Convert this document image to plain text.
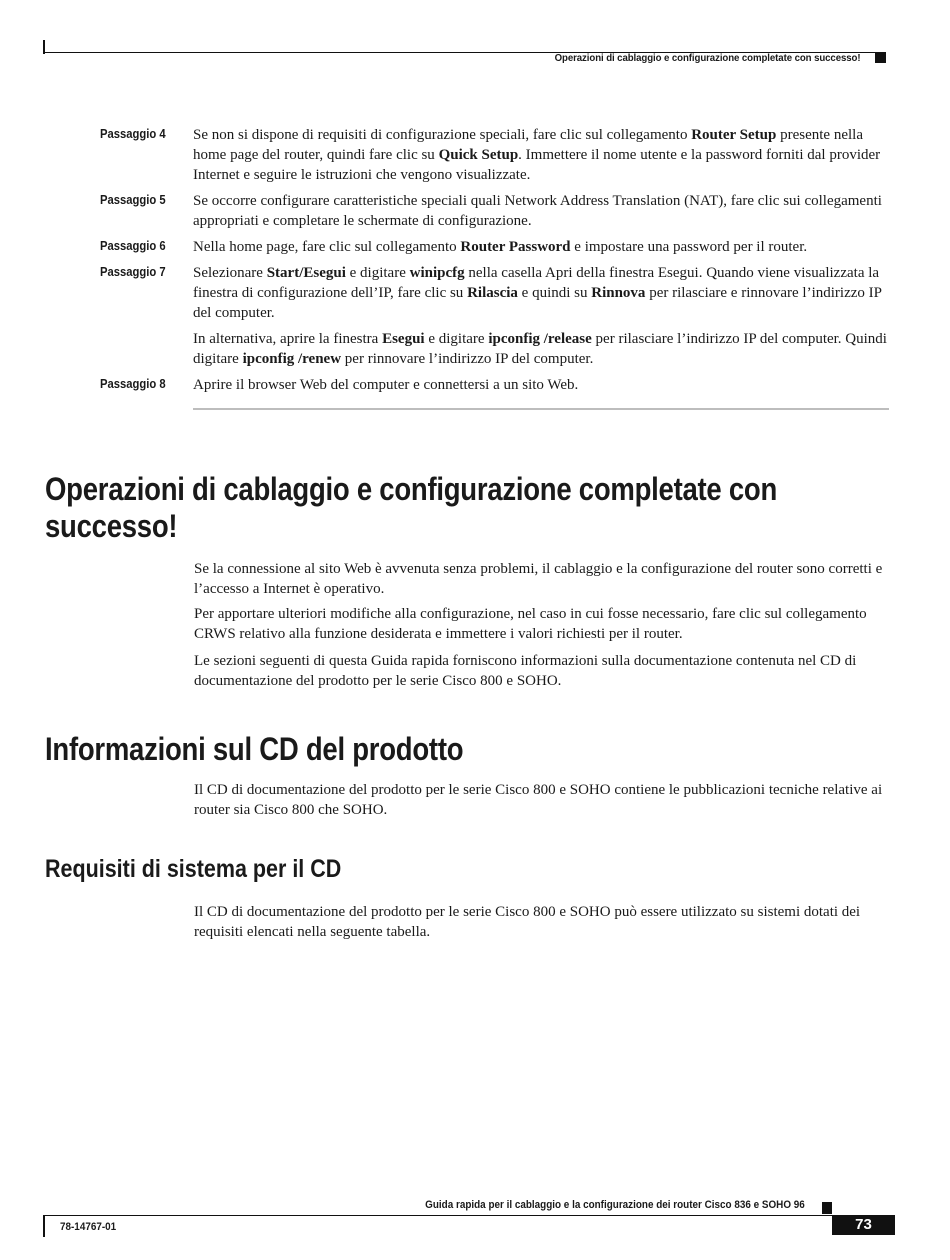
Operazioni di cablaggio e configurazione completate con successo!
Passaggio 4	Se non si dispone di requisiti di configurazione speciali, fare clic sul collegamento Router Setup presente nella home page del router, quindi fare clic su Quick Setup. Immettere il nome utente e la password forniti dal provider Internet e seguire le istruzioni che vengono visualizzate.
Passaggio 5	Se occorre configurare caratteristiche speciali quali Network Address Translation (NAT), fare clic sui collegamenti appropriati e completare le schermate di configurazione.
Passaggio 6	Nella home page, fare clic sul collegamento Router Password e impostare una password per il router.
Passaggio 7	Selezionare Start/Esegui e digitare winipcfg nella casella Apri della finestra Esegui. Quando viene visualizzata la finestra di configurazione dell’IP, fare clic su Rilascia e quindi su Rinnova per rilasciare e rinnovare l’indirizzo IP del computer.
In alternativa, aprire la finestra Esegui e digitare ipconfig /release per rilasciare l’indirizzo IP del computer. Quindi digitare ipconfig /renew per rinnovare l’indirizzo IP del computer.
Passaggio 8	Aprire il browser Web del computer e connettersi a un sito Web.
Operazioni di cablaggio e configurazione completate con
successo!
Se la connessione al sito Web è avvenuta senza problemi, il cablaggio e la configurazione del router sono corretti e l’accesso a Internet è operativo.
Per apportare ulteriori modifiche alla configurazione, nel caso in cui fosse necessario, fare clic sul collegamento CRWS relativo alla funzione desiderata e immettere i valori richiesti per il router.
Le sezioni seguenti di questa Guida rapida forniscono informazioni sulla documentazione contenuta nel CD di documentazione del prodotto per le serie Cisco 800 e SOHO.
Informazioni sul CD del prodotto
Il CD di documentazione del prodotto per le serie Cisco 800 e SOHO contiene le pubblicazioni tecniche relative ai router sia Cisco 800 che SOHO.
Requisiti di sistema per il CD
Il CD di documentazione del prodotto per le serie Cisco 800 e SOHO può essere utilizzato su sistemi dotati dei requisiti elencati nella seguente tabella.
Guida rapida per il cablaggio e la configurazione dei router Cisco 836 e SOHO 96
78-14767-01	73
